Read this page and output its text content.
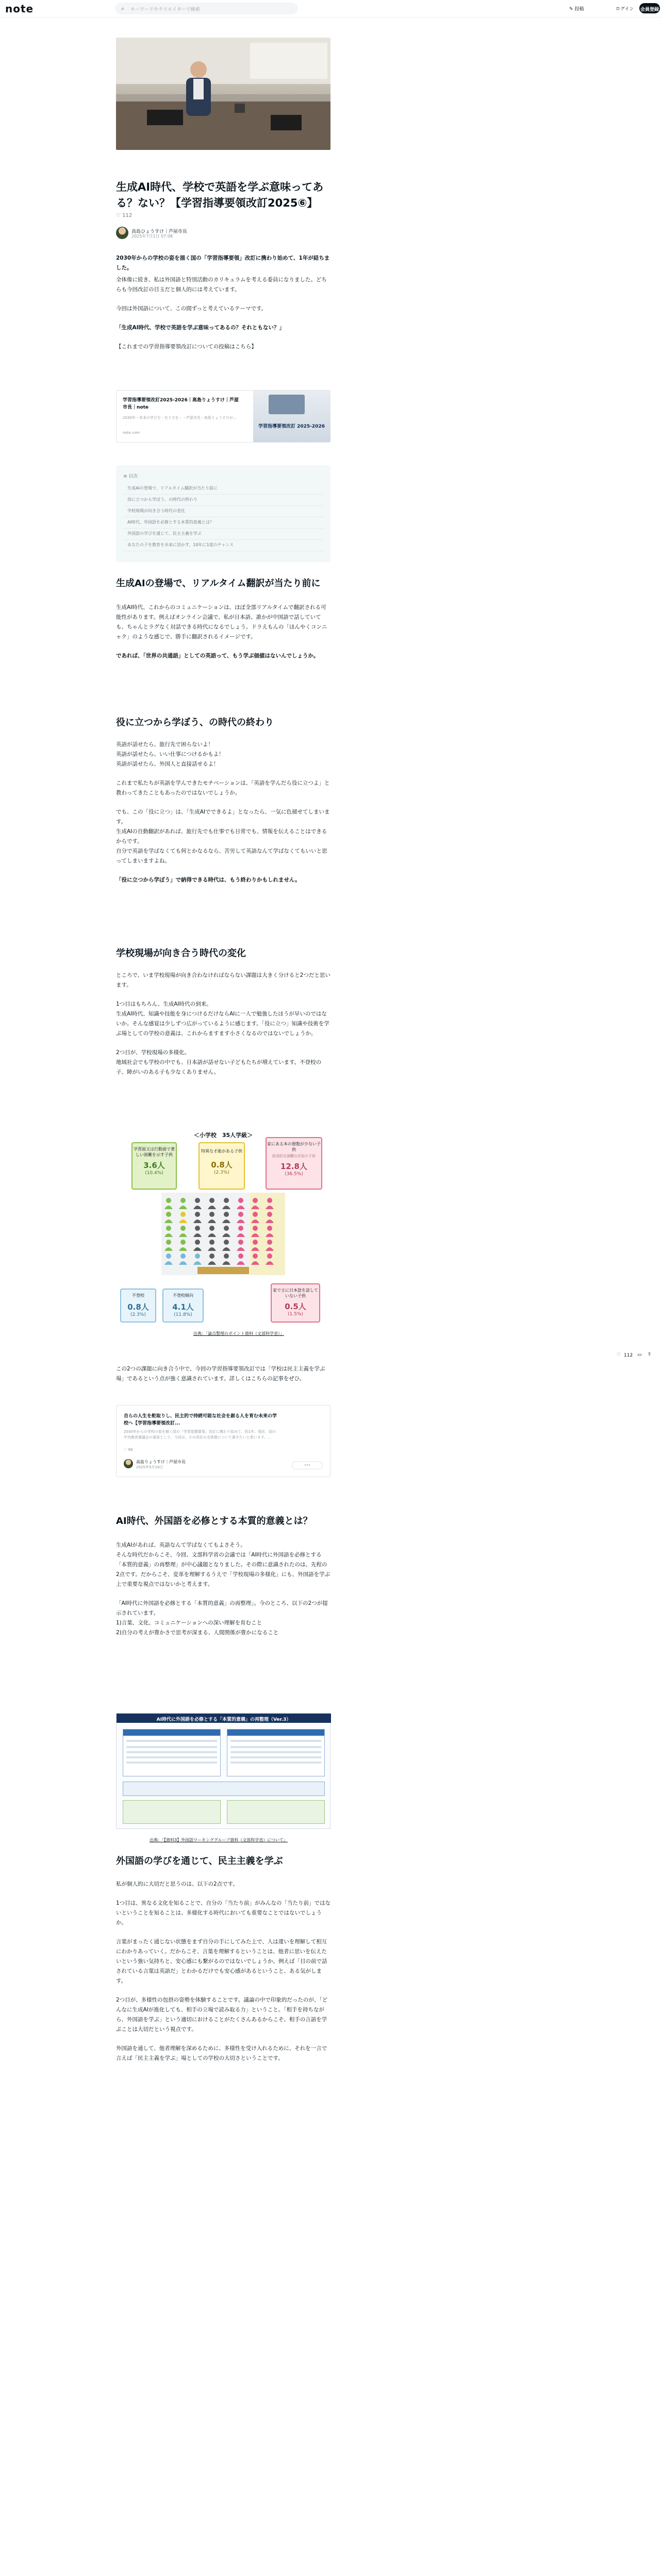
note	⌕ キーワードやクリエイターで検索	✎ 投稿	ログイン 会員登録
生成AI時代、学校で英語を学ぶ意味ってある？ない？【学習指導要領改訂2025⑥】
♡ 112
高島ひょうすけ｜芦屋市長
2025年7月1日 07:08

2030年からの学校の姿を描く国の「学習指導要領」改訂に携わり始めて、1年が経ちました。

全体像に続き、私は外国語と特別活動のカリキュラムを考える委員になりました。どちらも今回改訂の目玉だと個人的には考えています。

今回は外国語について、この間ずっと考えているテーマです。

「生成AI時代、学校で英語を学ぶ意味ってあるの？それともない？」

【これまでの学習指導要領改訂についての投稿はこちら】

学習指導要領改訂2025-2026｜高島りょうすけ｜芦屋市長｜note
2030年一本本の学び方・在り方を・・芦屋市長・高島りょうすけが...
note.com
学習指導要領改訂 2025-2026
≡ 目次
生成AIの登場で、リアルタイム翻訳が当たり前に
役に立つから学ぼう、の時代の終わり
学校現場が向き合う時代の変化
AI時代、外国語を必修とする本質的意義とは？
外国語の学びを通じて、民主主義を学ぶ
あなたの子を教育を未来に活かす、10年に1度のチャンス
生成AIの登場で、リアルタイム翻訳が当たり前に

生成AI時代、これからのコミュニケーションは、ほぼ全部リアルタイムで翻訳される可能性があります。例えばオンライン会議で、私が日本語、誰かが中国語で話していても、ちゃんとラグなく対話できる時代になるでしょう。ドラえもんの「ほんやくコンニャク」のような感じで、勝手に翻訳されるイメージです。

であれば、「世界の共通語」としての英語って、もう学ぶ価値はないんでしょうか。

役に立つから学ぼう、の時代の終わり

英語が話せたら、旅行先で困らないよ！

英語が話せたら、いい仕事につけるかもよ！

英語が話せたら、外国人と直接話せるよ！

これまで私たちが英語を学んできたモチベーションは、「英語を学んだら役に立つよ」と教わってきたこともあったのではないでしょうか。

でも、この「役に立つ」は、「生成AIでできるよ」となったら、一気に色褪せてしまいます。

生成AIの自動翻訳があれば、旅行先でも仕事でも日常でも、情報を伝えることはできるからです。

自分で英語を学ばなくても何とかなるなら、苦労して英語なんて学ばなくてもいいと思ってしまいますよね。

「役に立つから学ぼう」で納得できる時代は、もう終わりかもしれません。

学校現場が向き合う時代の変化

ところで、いま学校現場が向き合わなければならない課題は大きく分けると2つだと思います。

1つ目はもちろん、生成AI時代の到来。

生成AI時代、知識や技能を身につけるだけならAIに一人で勉強したほうが早いのではないか。そんな感覚は少しずつ広がっているように感じます。「役に立つ」知識や技術を学ぶ場としての学校の意義は、これからますます小さくなるのではないでしょうか。

2つ目が、学校現場の多様化。

地域社会でも学校の中でも、日本語が話せない子どもたちが増えています。不登校の子、障がいのある子も少なくありません。

＜小学校　35人学級＞
学習面又は行動面で著しい困難を示す子供
3.6人
(10.4%)
特異な才能がある子供
0.8人
(2.3%)
家にある本の冊数が少ない子供
経済的な困難な状況の子供
12.8人
(36.5%)
不登校
0.8人
(2.3%)
不登校傾向
4.1人
(11.8%)
家で主に日本語を話していない子供
0.5人
(1.5%)
出典：「論点整理のポイント資料（文部科学省）」

この2つの課題に向き合う中で、今回の学習指導要領改訂では「学校は民主主義を学ぶ場」であるという点が強く意識されています。詳しくはこちらの記事をぜひ。

自らの人生を舵取りし、民主的で持続可能な社会を創る人を育む未来の学校へ【学習指導要領改訂...
2030年からの学校の姿を描く国の「学習指導要領」改訂に携わり始めて、約1年。現在、国の中央教育審議会の委員として、今回は、その改訂の全体像について書きたいと思います。...
♡ 98
高島りょうすけ｜芦屋市長
2025年5月18日	•••
AI時代、外国語を必修とする本質的意義とは？

生成AIがあれば、英語なんて学ばなくてもよさそう。

そんな時代だからこそ、今回、文部科学省の会議では「AI時代に外国語を必修とする「本質的意義」の再整理」が中心議題となりました。その際に意識されたのは、先程の2点です。だからこそ、変革を理解するうえで「学校現場の多様化」にも、外国語を学ぶ上で重要な視点ではないかと考えます。

「AI時代に外国語を必修とする「本質的意義」の再整理」。今のところ、以下の2つが提示されています。

1)言葉、文化、コミュニケーションへの深い理解を育むこと

2)自分の考えが豊かさで思考が深まる、人間関係が豊かになること

AI時代に外国語を必修とする「本質的意義」の再整理（Ver.3）
出典：「【資料3】外国語ワーキンググループ資料（文部科学省）について」
外国語の学びを通じて、民主主義を学ぶ

私が個人的に大切だと思うのは、以下の2点です。

1つ目は、異なる文化を知ることで、自分の「当たり前」がみんなの「当たり前」ではないということを知ることは、多様化する時代においても重要なことではないでしょうか。

言葉がまったく通じない状態をまず自分の手にしてみた上で、人は違いを理解して相互にわかりあっていく。だからこそ、言葉を理解するということは、他者に思いを伝えたいという強い気持ちと、安心感にも繋がるのではないでしょうか。例えば「目の前で話されている言葉は英語だ」とわかるだけでも安心感があるということ、ある気がします。

2つ目が、多様性の包摂の姿勢を体験することです。議論の中で印象的だったのが、「どんなに生成AIが進化しても、相手の立場で読み取る力」ということ。「相手を持ちながら、外国語を学ぶ」という適切におけることがたくさんあるからこそ、相手の言語を学ぶことは大切だという視点です。

外国語を通して、他者理解を深めるために、多様性を受け入れるために、それを一言で言えば「民主主義を学ぶ」場としての学校の大切さということです。

♡ 112 ▭ ⇪
